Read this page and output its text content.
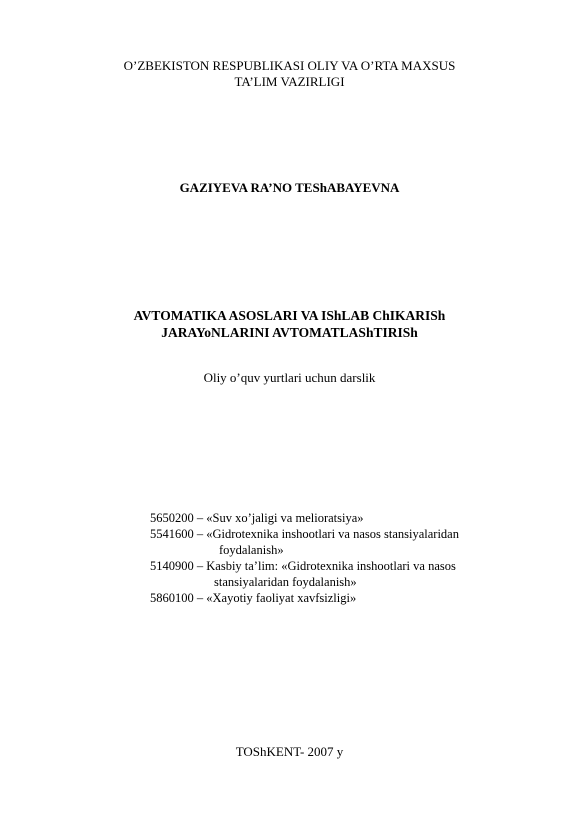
O’ZBEKISTON RESPUBLIKASI OLIY VA O’RTA MAXSUS
TA’LIM VAZIRLIGI
GAZIYEVA RA’NO TEShABAYEVNA
AVTOMATIKA ASOSLARI VA IShLAB ChIKARISh
JARAYoNLARINI AVTOMATLAShTIRISh
Oliy o’quv yurtlari uchun darslik
5650200 – «Suv xo’jaligi va melioratsiya»
5541600 – «Gidrotexnika inshootlari va nasos stansiyalaridan
foydalanish»
5140900 – Kasbiy ta’lim: «Gidrotexnika inshootlari va nasos
stansiyalaridan foydalanish»
5860100 – «Xayotiy faoliyat xavfsizligi»
TOShKENT- 2007 y
